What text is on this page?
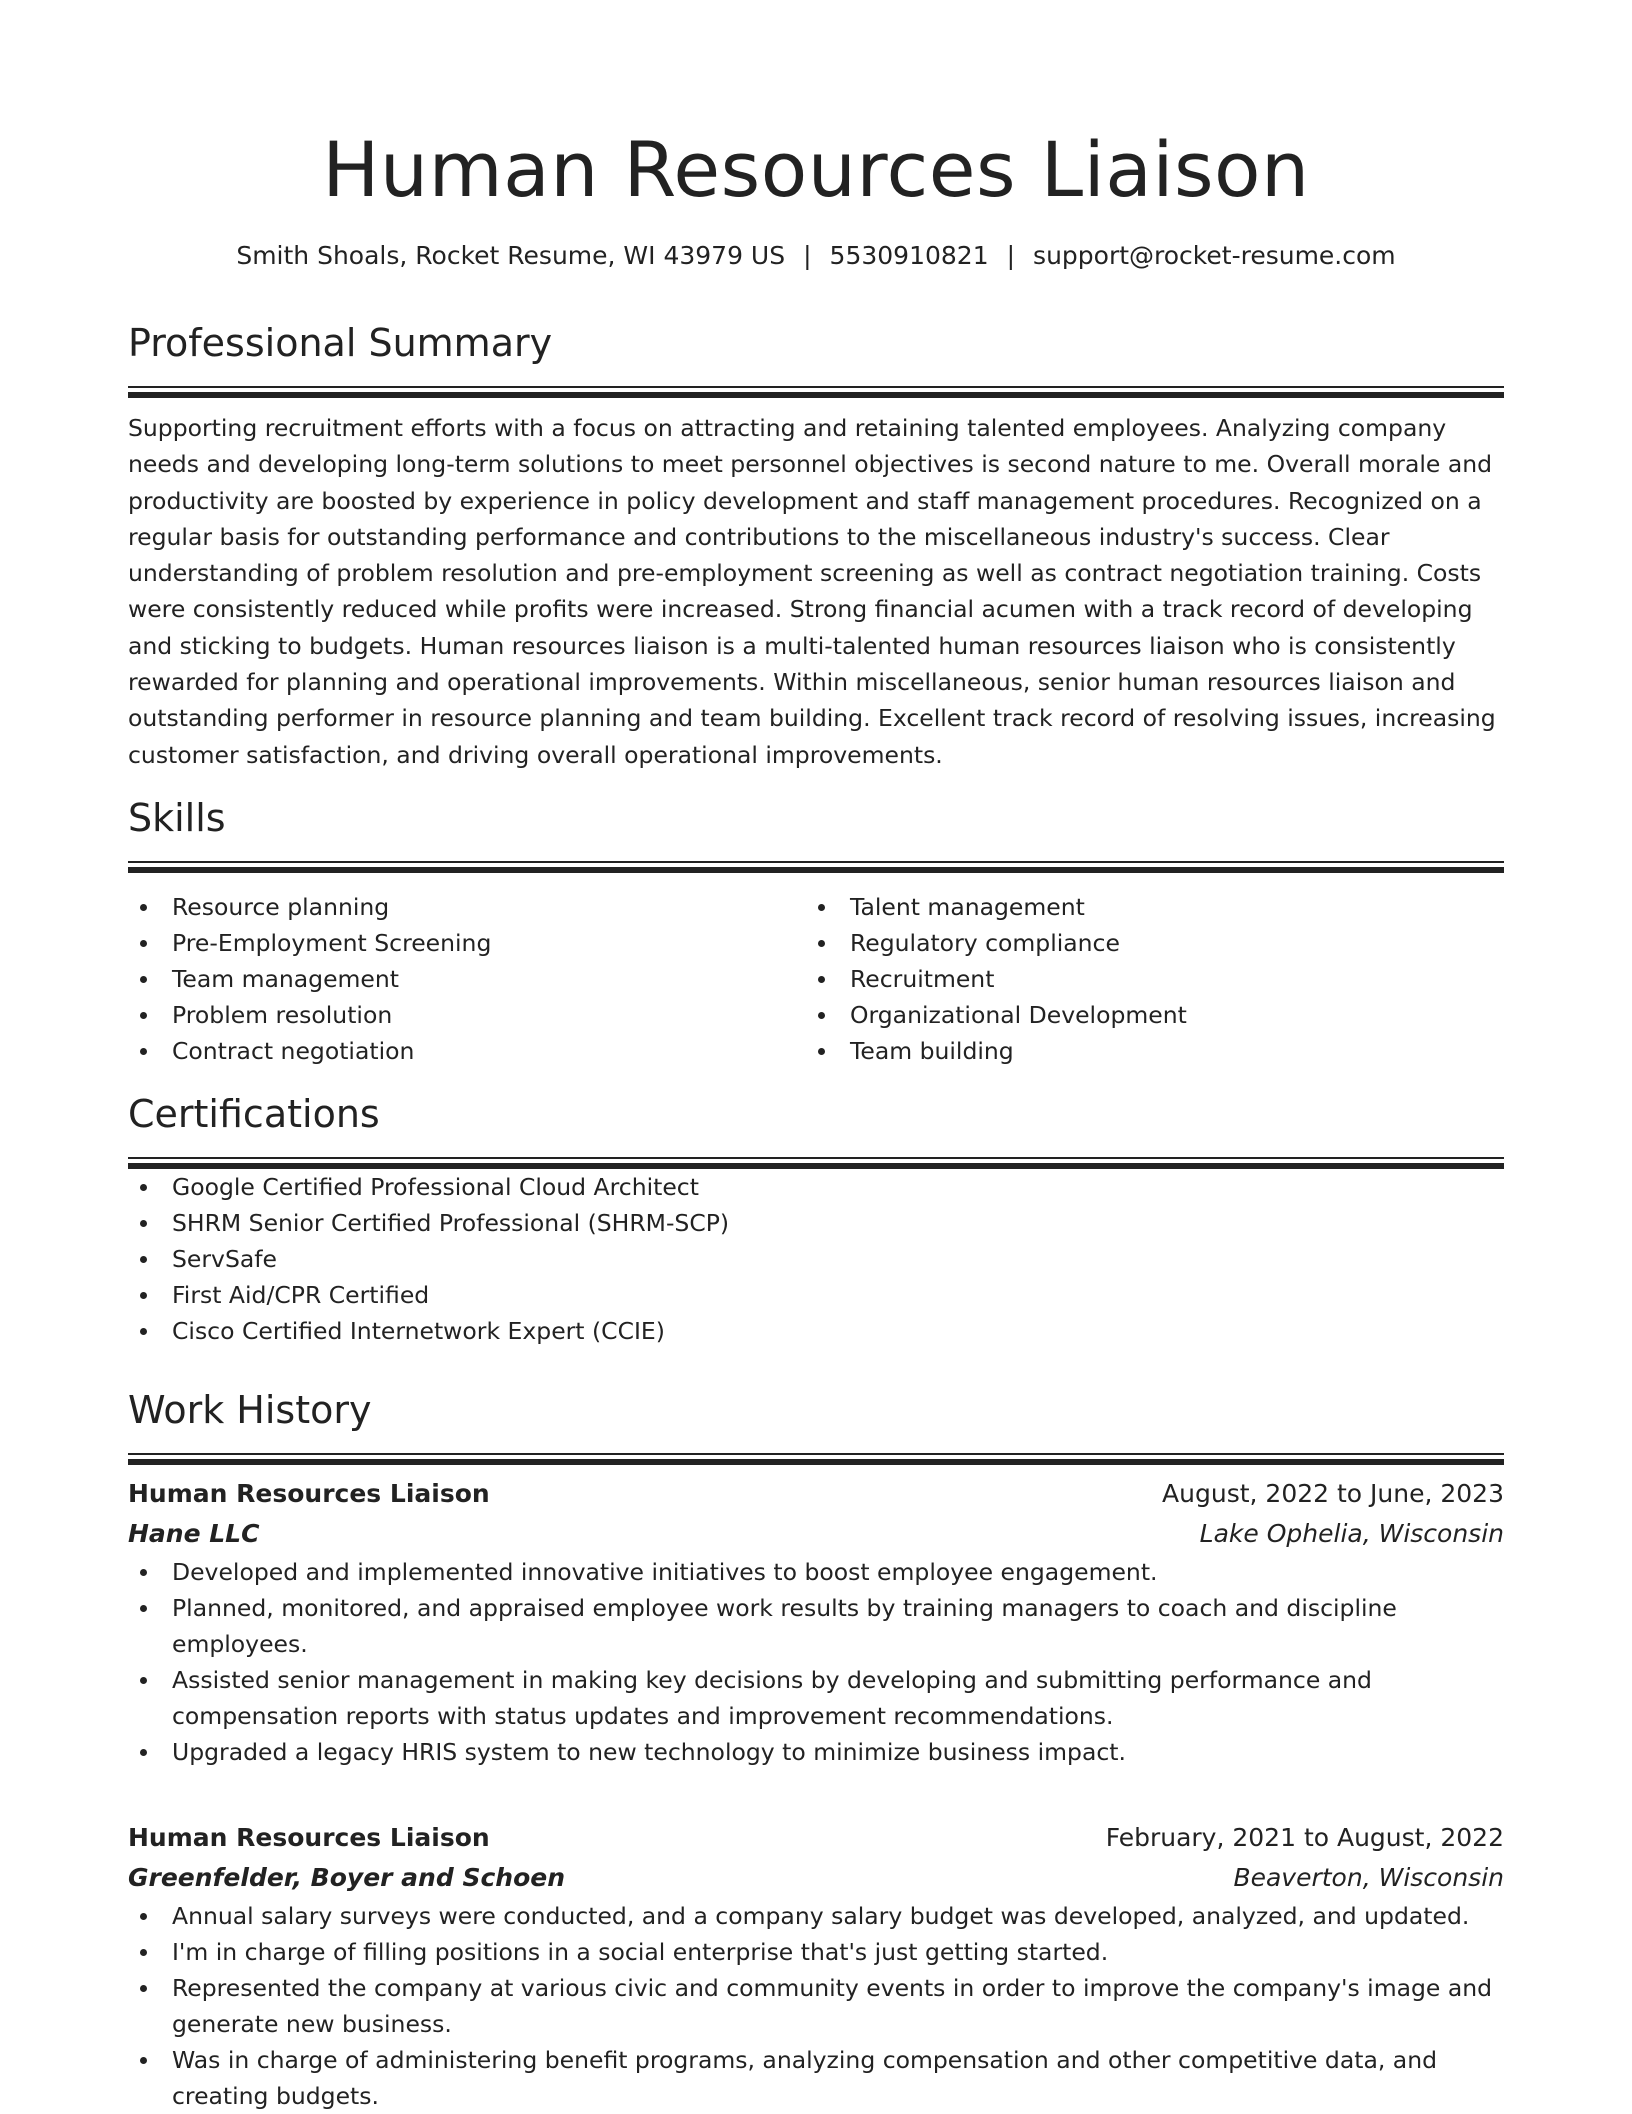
Human Resources Liaison
Smith Shoals, Rocket Resume, WI 43979 US | 5530910821 | support@rocket-resume.com
Professional Summary
Supporting recruitment efforts with a focus on attracting and retaining talented employees. Analyzing company needs and developing long-term solutions to meet personnel objectives is second nature to me. Overall morale and productivity are boosted by experience in policy development and staff management procedures. Recognized on a regular basis for outstanding performance and contributions to the miscellaneous industry's success. Clear understanding of problem resolution and pre-employment screening as well as contract negotiation training. Costs were consistently reduced while profits were increased. Strong financial acumen with a track record of developing and sticking to budgets. Human resources liaison is a multi-talented human resources liaison who is consistently rewarded for planning and operational improvements. Within miscellaneous, senior human resources liaison and outstanding performer in resource planning and team building. Excellent track record of resolving issues, increasing customer satisfaction, and driving overall operational improvements.
Skills
Resource planning
Pre-Employment Screening
Team management
Problem resolution
Contract negotiation
Talent management
Regulatory compliance
Recruitment
Organizational Development
Team building
Certifications
Google Certified Professional Cloud Architect
SHRM Senior Certified Professional (SHRM-SCP)
ServSafe
First Aid/CPR Certified
Cisco Certified Internetwork Expert (CCIE)
Work History
Human Resources Liaison	August, 2022 to June, 2023
Hane LLC	Lake Ophelia, Wisconsin
Developed and implemented innovative initiatives to boost employee engagement.
Planned, monitored, and appraised employee work results by training managers to coach and discipline employees.
Assisted senior management in making key decisions by developing and submitting performance and compensation reports with status updates and improvement recommendations.
Upgraded a legacy HRIS system to new technology to minimize business impact.
Human Resources Liaison	February, 2021 to August, 2022
Greenfelder, Boyer and Schoen	Beaverton, Wisconsin
Annual salary surveys were conducted, and a company salary budget was developed, analyzed, and updated.
I'm in charge of filling positions in a social enterprise that's just getting started.
Represented the company at various civic and community events in order to improve the company's image and generate new business.
Was in charge of administering benefit programs, analyzing compensation and other competitive data, and creating budgets.
